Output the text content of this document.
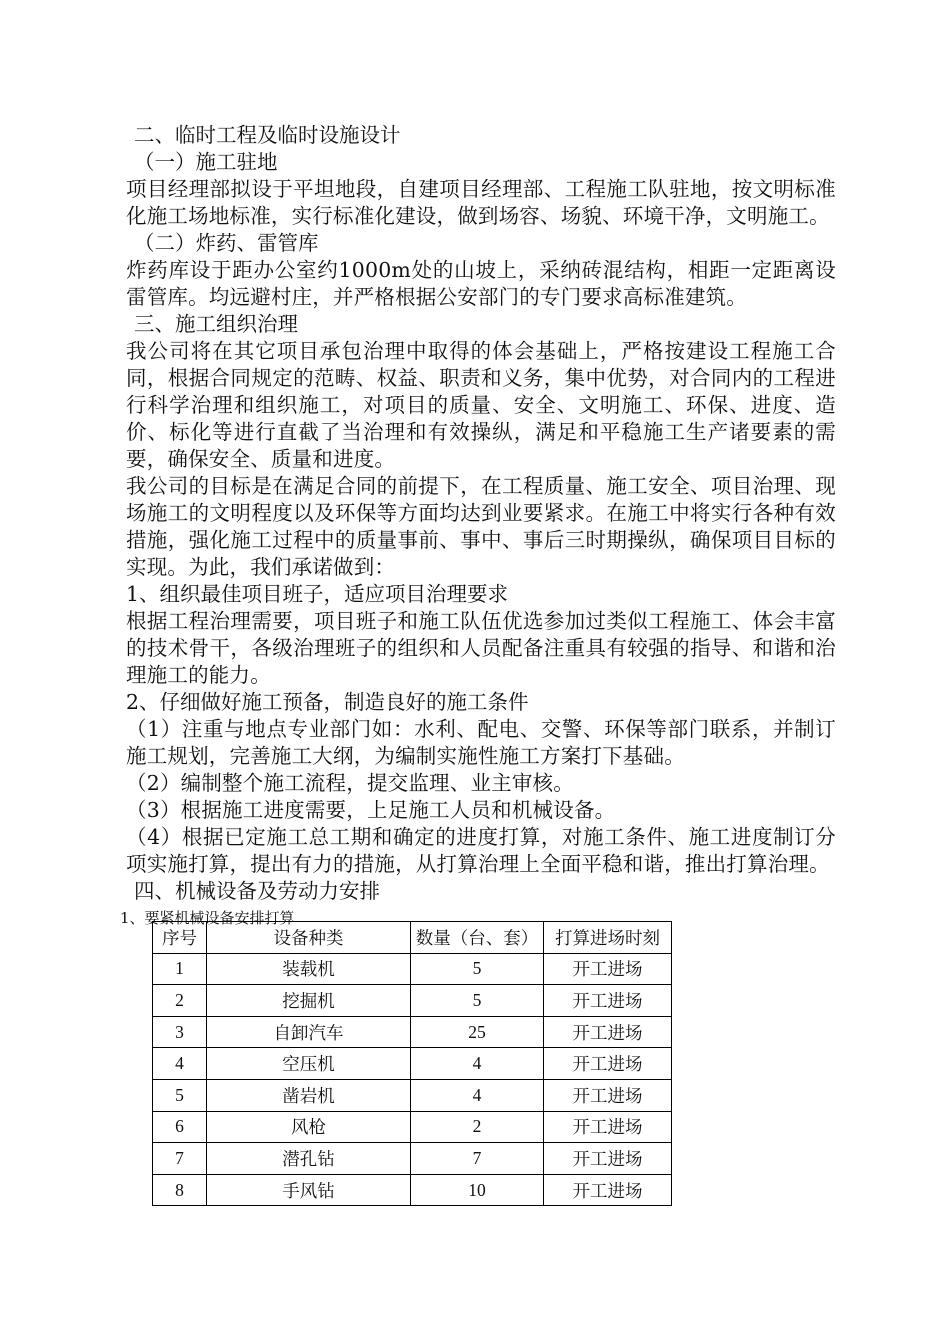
二、临时工程及临时设施设计
（一）施工驻地
项目经理部拟设于平坦地段，自建项目经理部、工程施工队驻地，按文明标准化施工场地标准，实行标准化建设，做到场容、场貌、环境干净，文明施工。
（二）炸药、雷管库
炸药库设于距办公室约1000m处的山坡上，采纳砖混结构，相距一定距离设雷管库。均远避村庄，并严格根据公安部门的专门要求高标准建筑。
三、施工组织治理
我公司将在其它项目承包治理中取得的体会基础上，严格按建设工程施工合同，根据合同规定的范畴、权益、职责和义务，集中优势，对合同内的工程进行科学治理和组织施工，对项目的质量、安全、文明施工、环保、进度、造价、标化等进行直截了当治理和有效操纵，满足和平稳施工生产诸要素的需要，确保安全、质量和进度。
我公司的目标是在满足合同的前提下，在工程质量、施工安全、项目治理、现场施工的文明程度以及环保等方面均达到业要紧求。在施工中将实行各种有效措施，强化施工过程中的质量事前、事中、事后三时期操纵，确保项目目标的实现。为此，我们承诺做到：
1、组织最佳项目班子，适应项目治理要求
根据工程治理需要，项目班子和施工队伍优选参加过类似工程施工、体会丰富的技术骨干，各级治理班子的组织和人员配备注重具有较强的指导、和谐和治理施工的能力。
2、仔细做好施工预备，制造良好的施工条件
（1）注重与地点专业部门如：水利、配电、交警、环保等部门联系，并制订施工规划，完善施工大纲，为编制实施性施工方案打下基础。
（2）编制整个施工流程，提交监理、业主审核。
（3）根据施工进度需要，上足施工人员和机械设备。
（4）根据已定施工总工期和确定的进度打算，对施工条件、施工进度制订分项实施打算，提出有力的措施，从打算治理上全面平稳和谐，推出打算治理。
四、机械设备及劳动力安排
1、要紧机械设备安排打算
序号	设备种类	数量（台、套）	打算进场时刻
1	装载机	5	开工进场
2	挖掘机	5	开工进场
3	自卸汽车	25	开工进场
4	空压机	4	开工进场
5	凿岩机	4	开工进场
6	风枪	2	开工进场
7	潜孔钻	7	开工进场
8	手风钻	10	开工进场
